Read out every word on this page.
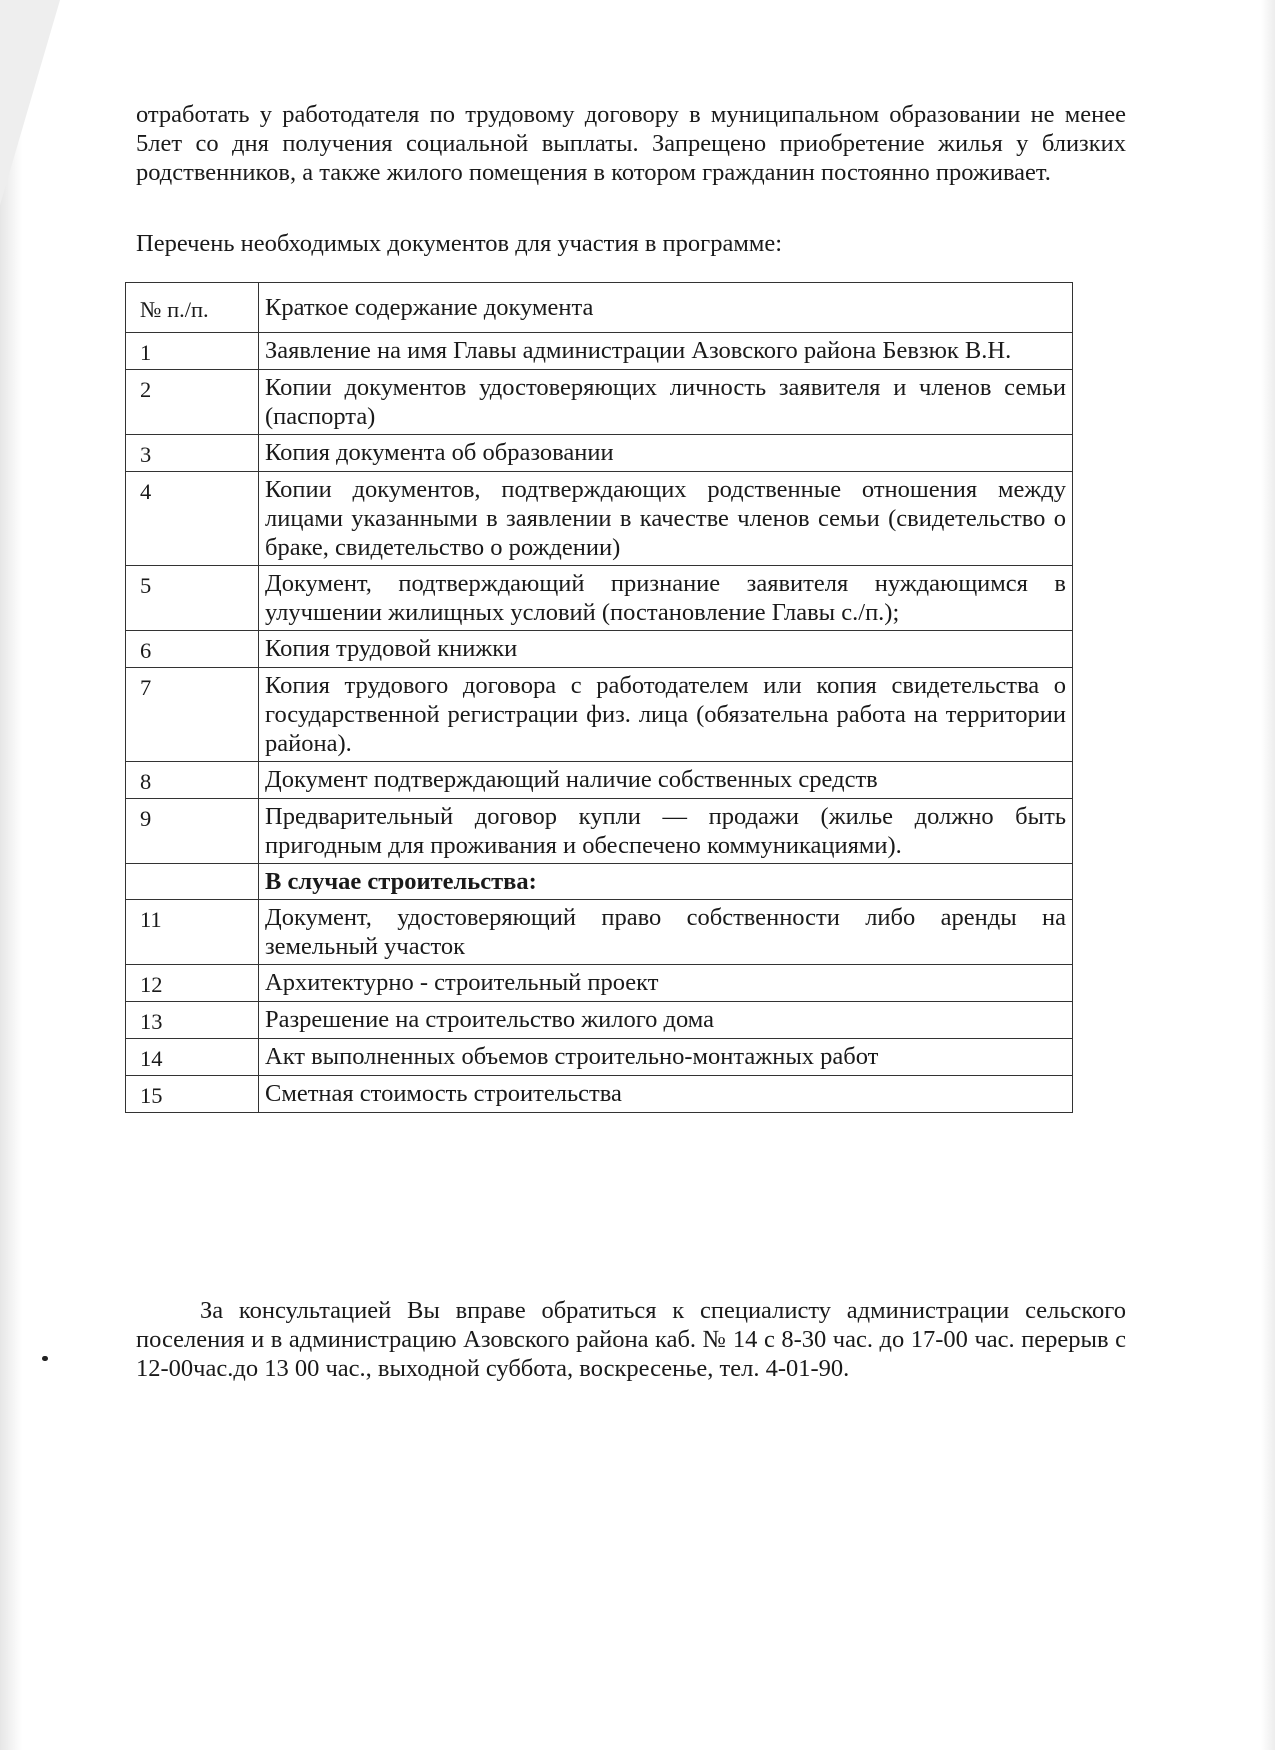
отработать у работодателя по трудовому договору в муниципальном образовании не менее 5лет со дня получения социальной выплаты. Запрещено приобретение жилья у близких родственников, а также жилого помещения в котором гражданин постоянно проживает.

Перечень необходимых документов для участия в программе:

№ п./п.	Краткое содержание документа
1	Заявление на имя Главы администрации Азовского района Бевзюк В.Н.
2	Копии документов удостоверяющих личность заявителя и членов семьи (паспорта)
3	Копия документа об образовании
4	Копии документов, подтверждающих родственные отношения между лицами указанными в заявлении в качестве членов семьи (свидетельство о браке, свидетельство о рождении)
5	Документ, подтверждающий признание заявителя нуждающимся в улучшении жилищных условий (постановление Главы с./п.);
6	Копия трудовой книжки
7	Копия трудового договора с работодателем или копия свидетельства о государственной регистрации физ. лица (обязательна работа на территории района).
8	Документ подтверждающий наличие собственных средств
9	Предварительный договор купли — продажи (жилье должно быть пригодным для проживания и обеспечено коммуникациями).
	В случае строительства:
11	Документ, удостоверяющий право собственности либо аренды на земельный участок
12	Архитектурно - строительный проект
13	Разрешение на строительство жилого дома
14	Акт выполненных объемов строительно-монтажных работ
15	Сметная стоимость строительства

За консультацией Вы вправе обратиться к специалисту администрации сельского поселения и в администрацию Азовского района каб. № 14 с 8-30 час. до 17-00 час. перерыв с 12-00час.до 13 00 час., выходной суббота, воскресенье, тел. 4-01-90.
